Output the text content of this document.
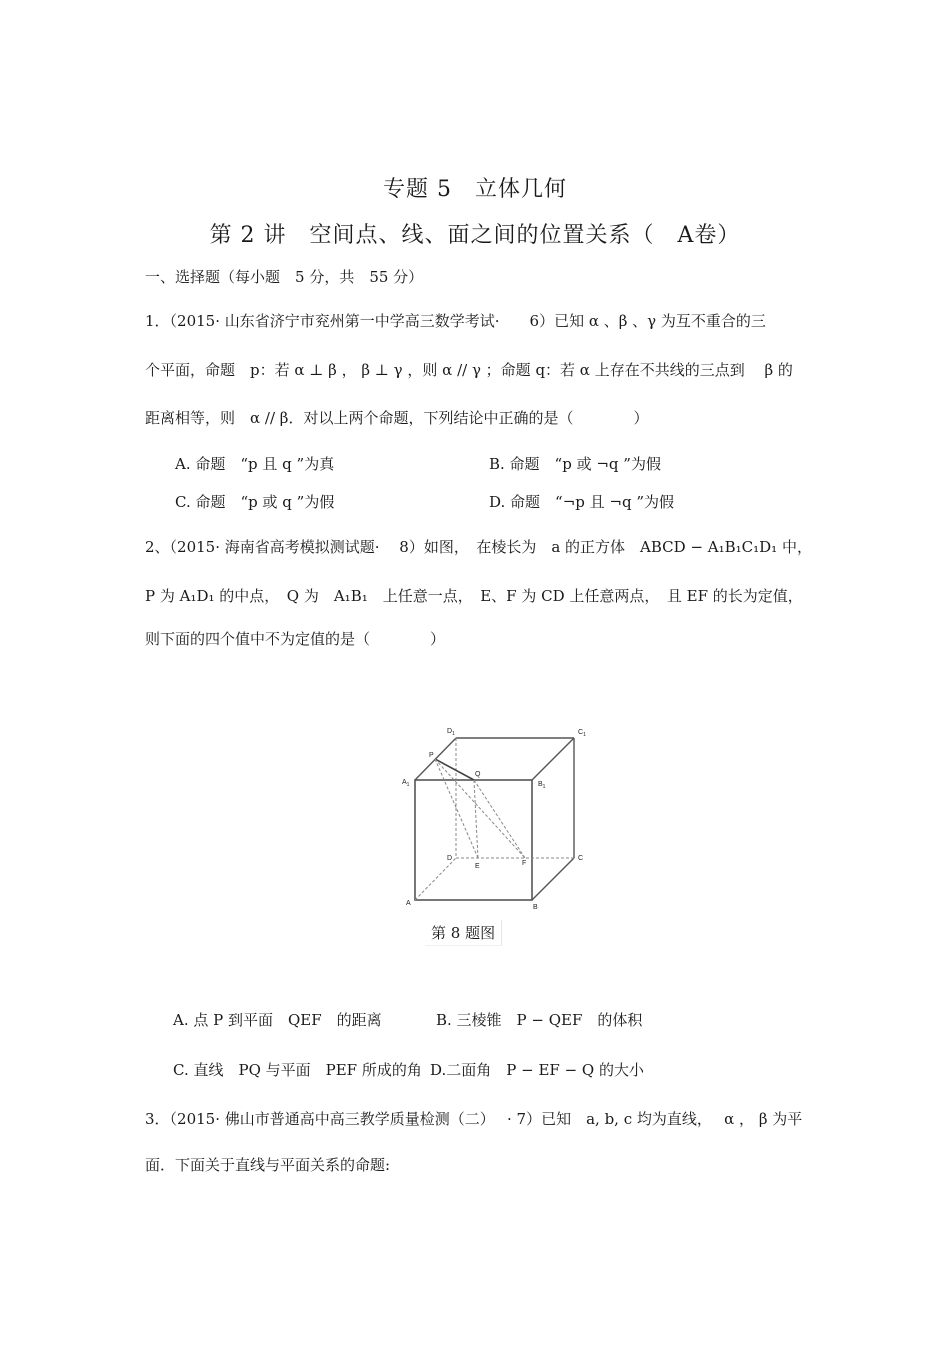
专题 5　立体几何
第 2 讲　空间点、线、面之间的位置关系（　A卷）
一、选择题（每小题　5 分，共　55 分）
1．（2015· 山东省济宁市兖州第一中学高三数学考试·　　6）已知 α 、β 、γ 为互不重合的三
个平面，命题　p：若 α ⊥ β ， β ⊥ γ ，则 α // γ ；命题 q：若 α 上存在不共线的三点到　 β 的
距离相等，则　α // β．对以上两个命题，下列结论中正确的是（　　　　）
A. 命题　“p 且 q ”为真	B. 命题　“p 或 ¬q ”为假
C. 命题　“p 或 q ”为假	D. 命题　“¬p 且 ¬q ”为假
2、（2015· 海南省高考模拟测试题·　 8）如图，　在棱长为　a 的正方体　ABCD − A₁B₁C₁D₁ 中，
P 为 A₁D₁ 的中点，　Q 为　A₁B₁　上任意一点，　E、F 为 CD 上任意两点，　且 EF 的长为定值，
则下面的四个值中不为定值的是（　　　　）
$D_1$	$C_1$
$A_1$	$B_1$
P
Q
D	C
E	F
A
B
第 8 题图
A. 点 P 到平面　QEF　的距离	B. 三棱锥　P − QEF　的体积
C. 直线　PQ 与平面　PEF 所成的角 D.二面角　P − EF − Q 的大小
3．（2015· 佛山市普通高中高三教学质量检测（二）　 · 7）已知　a, b, c 均为直线，　 α ， β 为平
面．下面关于直线与平面关系的命题:
